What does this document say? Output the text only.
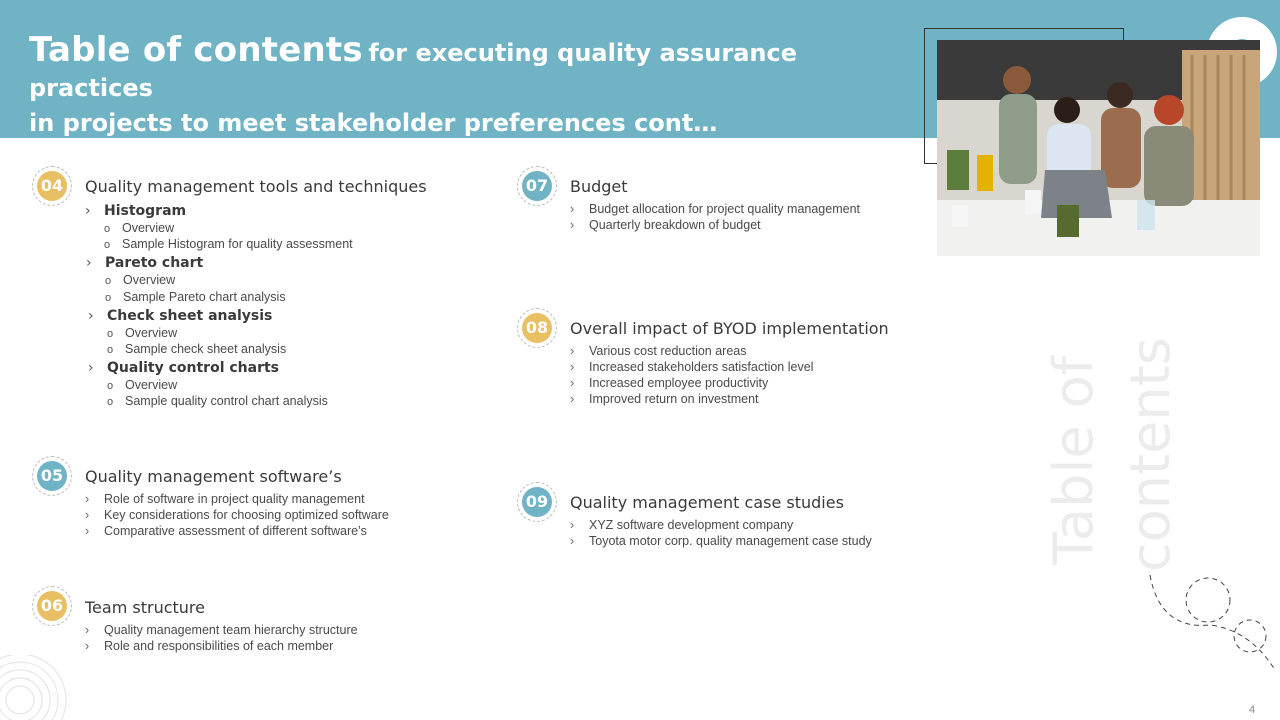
Table of contents for executing quality assurance practices
in projects to meet stakeholder preferences cont…
Table of contents
04 Quality management tools and techniques
› Histogram
o Overview
o Sample Histogram for quality assessment
› Pareto chart
o Overview
o Sample Pareto chart analysis
› Check sheet analysis
o Overview
o Sample check sheet analysis
› Quality control charts
o Overview
o Sample quality control chart analysis
05 Quality management software’s
› Role of software in project quality management
› Key considerations for choosing optimized software
› Comparative assessment of different software’s
06 Team structure
› Quality management team hierarchy structure
› Role and responsibilities of each member
07 Budget
› Budget allocation for project quality management
› Quarterly breakdown of budget
08 Overall impact of BYOD implementation
› Various cost reduction areas
› Increased stakeholders satisfaction level
› Increased employee productivity
› Improved return on investment
09 Quality management case studies
› XYZ software development company
› Toyota motor corp. quality management case study
4
